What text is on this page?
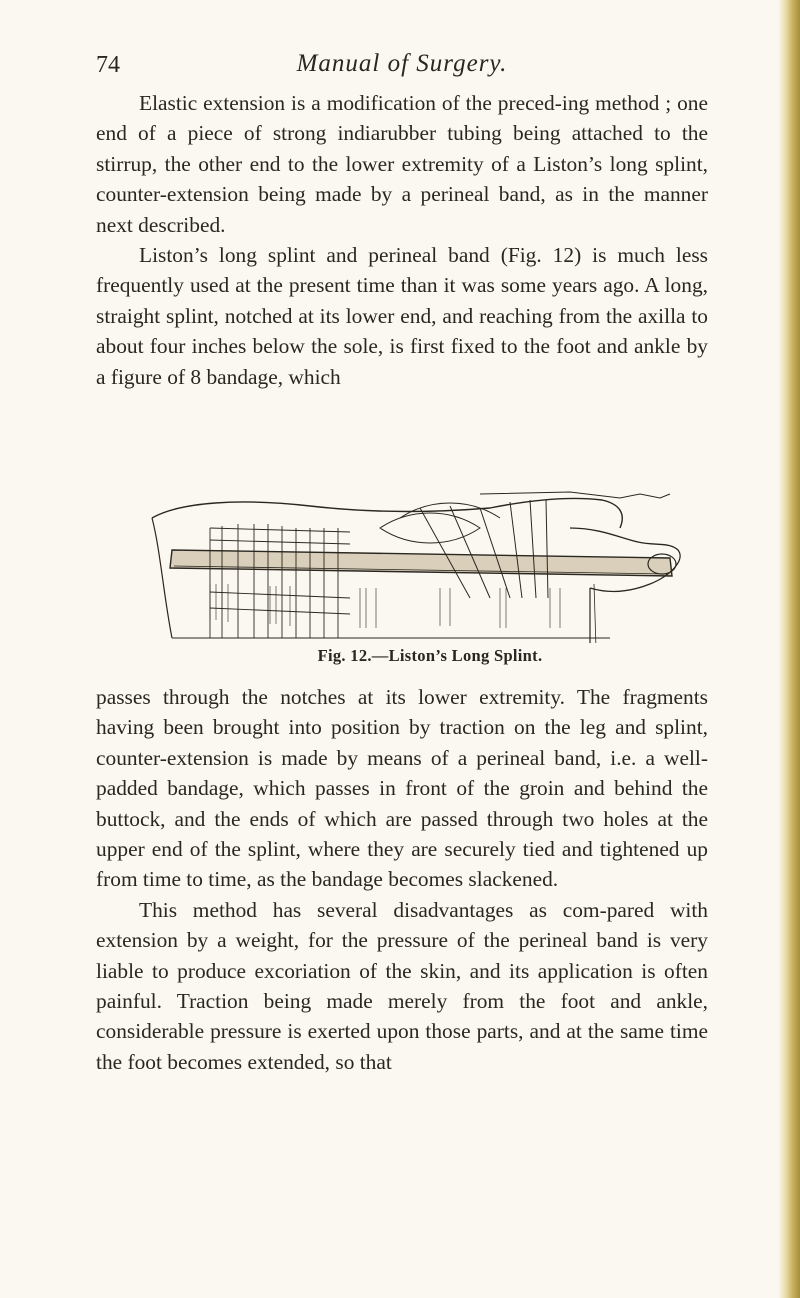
74	Manual of Surgery.

Elastic extension is a modification of the preced-ing method ; one end of a piece of strong indiarubber tubing being attached to the stirrup, the other end to the lower extremity of a Liston’s long splint, counter-extension being made by a perineal band, as in the manner next described.

Liston’s long splint and perineal band (Fig. 12) is much less frequently used at the present time than it was some years ago. A long, straight splint, notched at its lower end, and reaching from the axilla to about four inches below the sole, is first fixed to the foot and ankle by a figure of 8 bandage, which

Fig. 12.—Liston’s Long Splint.

passes through the notches at its lower extremity. The fragments having been brought into position by traction on the leg and splint, counter-extension is made by means of a perineal band, i.e. a well-padded bandage, which passes in front of the groin and behind the buttock, and the ends of which are passed through two holes at the upper end of the splint, where they are securely tied and tightened up from time to time, as the bandage becomes slackened.

This method has several disadvantages as com-pared with extension by a weight, for the pressure of the perineal band is very liable to produce excoriation of the skin, and its application is often painful. Traction being made merely from the foot and ankle, considerable pressure is exerted upon those parts, and at the same time the foot becomes extended, so that
